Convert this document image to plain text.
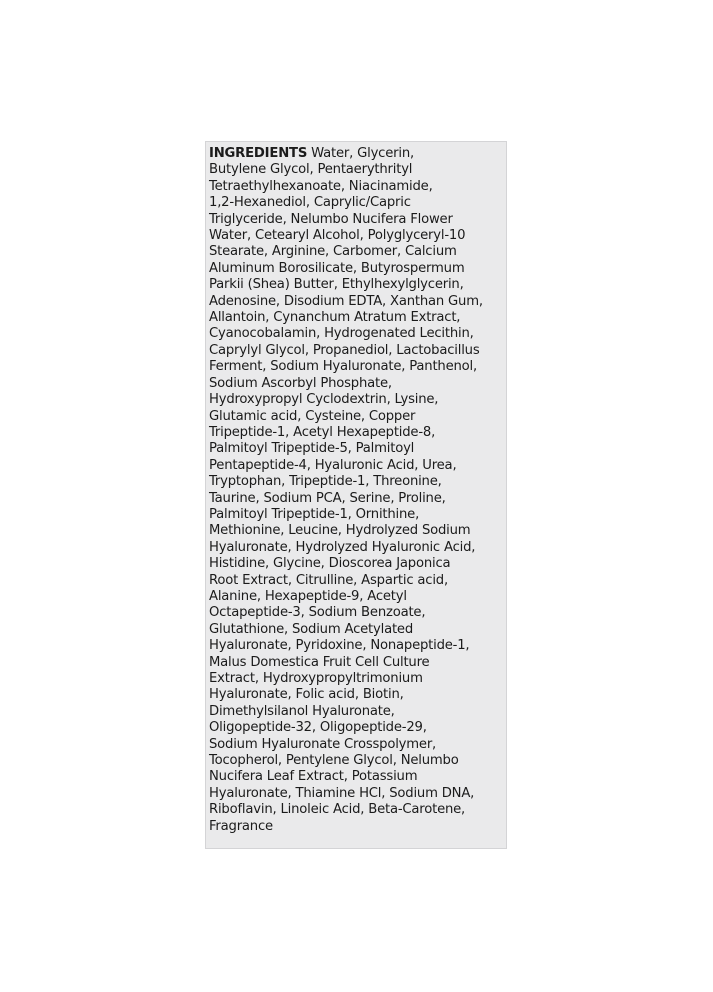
INGREDIENTS Water, Glycerin,
Butylene Glycol, Pentaerythrityl
Tetraethylhexanoate, Niacinamide,
1,2-Hexanediol, Caprylic/Capric
Triglyceride, Nelumbo Nucifera Flower
Water, Cetearyl Alcohol, Polyglyceryl-10
Stearate, Arginine, Carbomer, Calcium
Aluminum Borosilicate, Butyrospermum
Parkii (Shea) Butter, Ethylhexylglycerin,
Adenosine, Disodium EDTA, Xanthan Gum,
Allantoin, Cynanchum Atratum Extract,
Cyanocobalamin, Hydrogenated Lecithin,
Caprylyl Glycol, Propanediol, Lactobacillus
Ferment, Sodium Hyaluronate, Panthenol,
Sodium Ascorbyl Phosphate,
Hydroxypropyl Cyclodextrin, Lysine,
Glutamic acid, Cysteine, Copper
Tripeptide-1, Acetyl Hexapeptide-8,
Palmitoyl Tripeptide-5, Palmitoyl
Pentapeptide-4, Hyaluronic Acid, Urea,
Tryptophan, Tripeptide-1, Threonine,
Taurine, Sodium PCA, Serine, Proline,
Palmitoyl Tripeptide-1, Ornithine,
Methionine, Leucine, Hydrolyzed Sodium
Hyaluronate, Hydrolyzed Hyaluronic Acid,
Histidine, Glycine, Dioscorea Japonica
Root Extract, Citrulline, Aspartic acid,
Alanine, Hexapeptide-9, Acetyl
Octapeptide-3, Sodium Benzoate,
Glutathione, Sodium Acetylated
Hyaluronate, Pyridoxine, Nonapeptide-1,
Malus Domestica Fruit Cell Culture
Extract, Hydroxypropyltrimonium
Hyaluronate, Folic acid, Biotin,
Dimethylsilanol Hyaluronate,
Oligopeptide-32, Oligopeptide-29,
Sodium Hyaluronate Crosspolymer,
Tocopherol, Pentylene Glycol, Nelumbo
Nucifera Leaf Extract, Potassium
Hyaluronate, Thiamine HCl, Sodium DNA,
Riboflavin, Linoleic Acid, Beta-Carotene,
Fragrance
